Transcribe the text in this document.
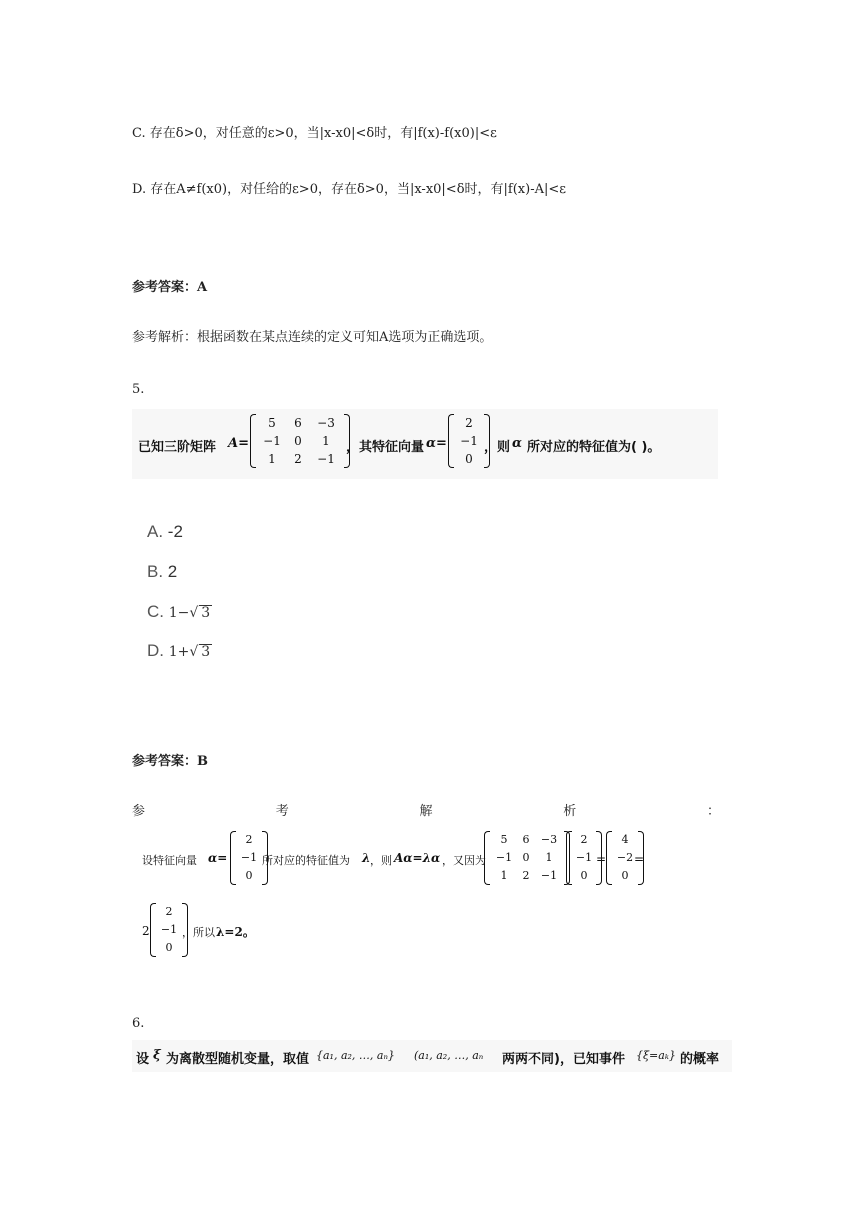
C. 存在δ>0，对任意的ε>0，当|x-x0|<δ时，有|f(x)-f(x0)|<ε
D. 存在A≠f(x0)，对任给的ε>0，存在δ>0，当|x-x0|<δ时，有|f(x)-A|<ε
参考答案：A
参考解析：根据函数在某点连续的定义可知A选项为正确选项。
5.
已知三阶矩阵 A=
5	6	−3
−1	0	1
1	2	−1
，其特征向量 α=
2
−1
0
，则 α 所对应的特征值为( )。
A. -2
B. 2
C. 1−√ 3
D. 1+√ 3
参考答案：B
参	考	解	析	：
设特征向量 α=
2
−1
0
所对应的特征值为 λ ，则 Aα=λα ，又因为
5	6	−3
−1 0	1
1	2	−1
2
−1
0
=
4
−2
0
=
2
2
−1
0
，所以 λ=2。
6.
设 ξ 为离散型随机变量，取值 {a₁, a₂, …, aₙ} (a₁, a₂, …, aₙ 两两不同)，已知事件 {ξ=aₖ} 的概率
